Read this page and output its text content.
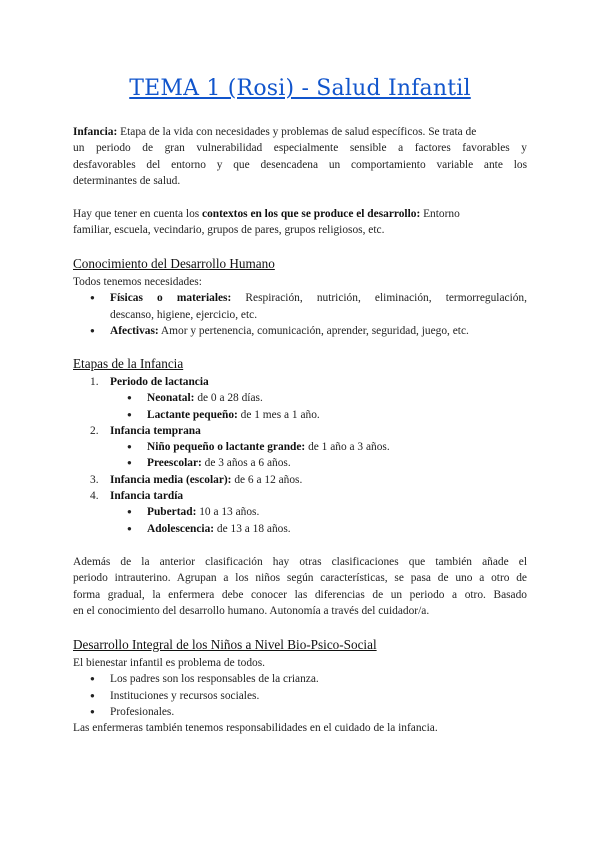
TEMA 1 (Rosi) - Salud Infantil
Infancia: Etapa de la vida con necesidades y problemas de salud específicos. Se trata de
un periodo de gran vulnerabilidad especialmente sensible a factores favorables y
desfavorables del entorno y que desencadena un comportamiento variable ante los
determinantes de salud.
Hay que tener en cuenta los contextos en los que se produce el desarrollo: Entorno
familiar, escuela, vecindario, grupos de pares, grupos religiosos, etc.
Conocimiento del Desarrollo Humano
Todos tenemos necesidades:
● Físicas o materiales: Respiración, nutrición, eliminación, termorregulación,
descanso, higiene, ejercicio, etc.
● Afectivas: Amor y pertenencia, comunicación, aprender, seguridad, juego, etc.
Etapas de la Infancia
1. Periodo de lactancia
● Neonatal: de 0 a 28 días.
● Lactante pequeño: de 1 mes a 1 año.
2. Infancia temprana
● Niño pequeño o lactante grande: de 1 año a 3 años.
● Preescolar: de 3 años a 6 años.
3. Infancia media (escolar): de 6 a 12 años.
4. Infancia tardía
● Pubertad: 10 a 13 años.
● Adolescencia: de 13 a 18 años.
Además de la anterior clasificación hay otras clasificaciones que también añade el
periodo intrauterino. Agrupan a los niños según características, se pasa de uno a otro de
forma gradual, la enfermera debe conocer las diferencias de un periodo a otro. Basado
en el conocimiento del desarrollo humano. Autonomía a través del cuidador/a.
Desarrollo Integral de los Niños a Nivel Bio-Psico-Social
El bienestar infantil es problema de todos.
● Los padres son los responsables de la crianza.
● Instituciones y recursos sociales.
● Profesionales.
Las enfermeras también tenemos responsabilidades en el cuidado de la infancia.
